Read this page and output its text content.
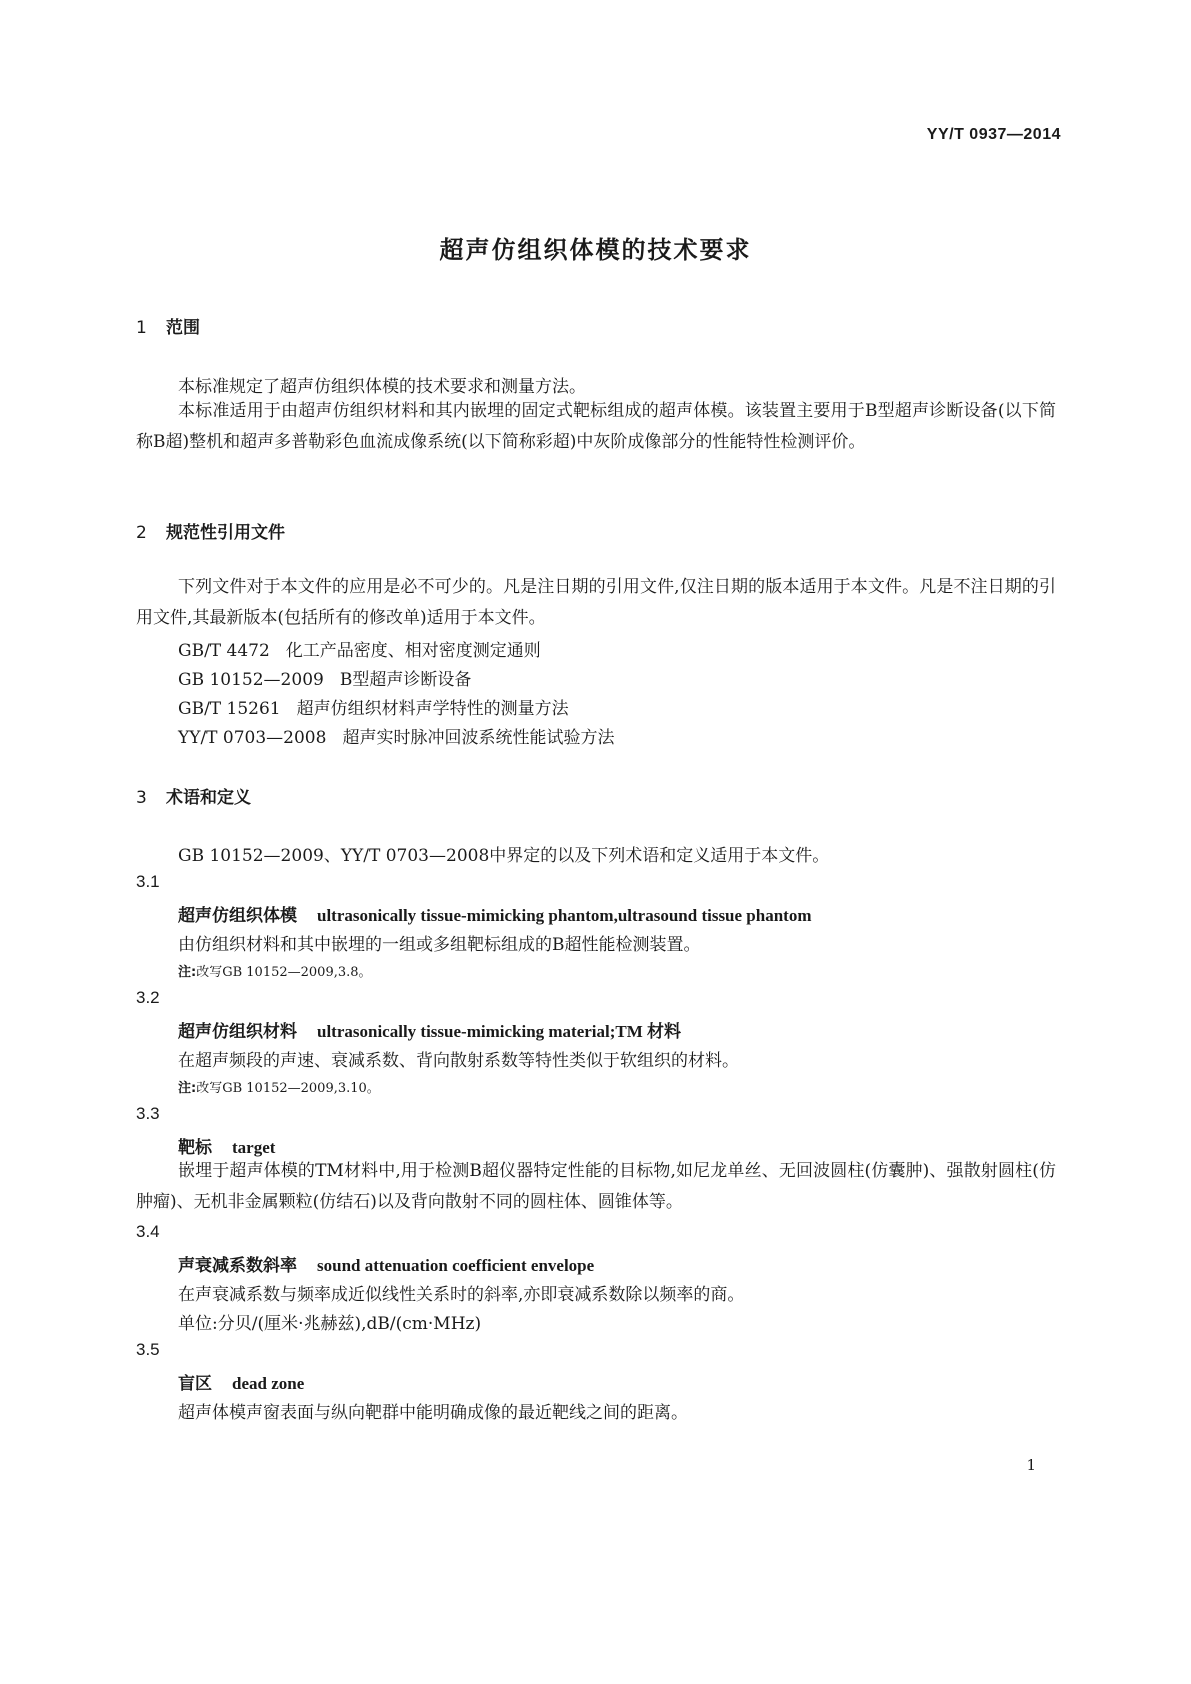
YY/T 0937—2014
超声仿组织体模的技术要求
1 范围
本标准规定了超声仿组织体模的技术要求和测量方法。
本标准适用于由超声仿组织材料和其内嵌埋的固定式靶标组成的超声体模。该装置主要用于B型超声诊断设备(以下简称B超)整机和超声多普勒彩色血流成像系统(以下简称彩超)中灰阶成像部分的性能特性检测评价。
2 规范性引用文件
下列文件对于本文件的应用是必不可少的。凡是注日期的引用文件,仅注日期的版本适用于本文件。凡是不注日期的引用文件,其最新版本(包括所有的修改单)适用于本文件。
GB/T 4472 化工产品密度、相对密度测定通则
GB 10152—2009 B型超声诊断设备
GB/T 15261 超声仿组织材料声学特性的测量方法
YY/T 0703—2008 超声实时脉冲回波系统性能试验方法
3 术语和定义
GB 10152—2009、YY/T 0703—2008中界定的以及下列术语和定义适用于本文件。
3.1
超声仿组织体模 ultrasonically tissue-mimicking phantom,ultrasound tissue phantom
由仿组织材料和其中嵌埋的一组或多组靶标组成的B超性能检测装置。
注:改写GB 10152—2009,3.8。
3.2
超声仿组织材料 ultrasonically tissue-mimicking material;TM 材料
在超声频段的声速、衰减系数、背向散射系数等特性类似于软组织的材料。
注:改写GB 10152—2009,3.10。
3.3
靶标 target
嵌埋于超声体模的TM材料中,用于检测B超仪器特定性能的目标物,如尼龙单丝、无回波圆柱(仿囊肿)、强散射圆柱(仿肿瘤)、无机非金属颗粒(仿结石)以及背向散射不同的圆柱体、圆锥体等。
3.4
声衰减系数斜率 sound attenuation coefficient envelope
在声衰减系数与频率成近似线性关系时的斜率,亦即衰减系数除以频率的商。
单位:分贝/(厘米·兆赫兹),dB/(cm·MHz)
3.5
盲区 dead zone
超声体模声窗表面与纵向靶群中能明确成像的最近靶线之间的距离。
1
